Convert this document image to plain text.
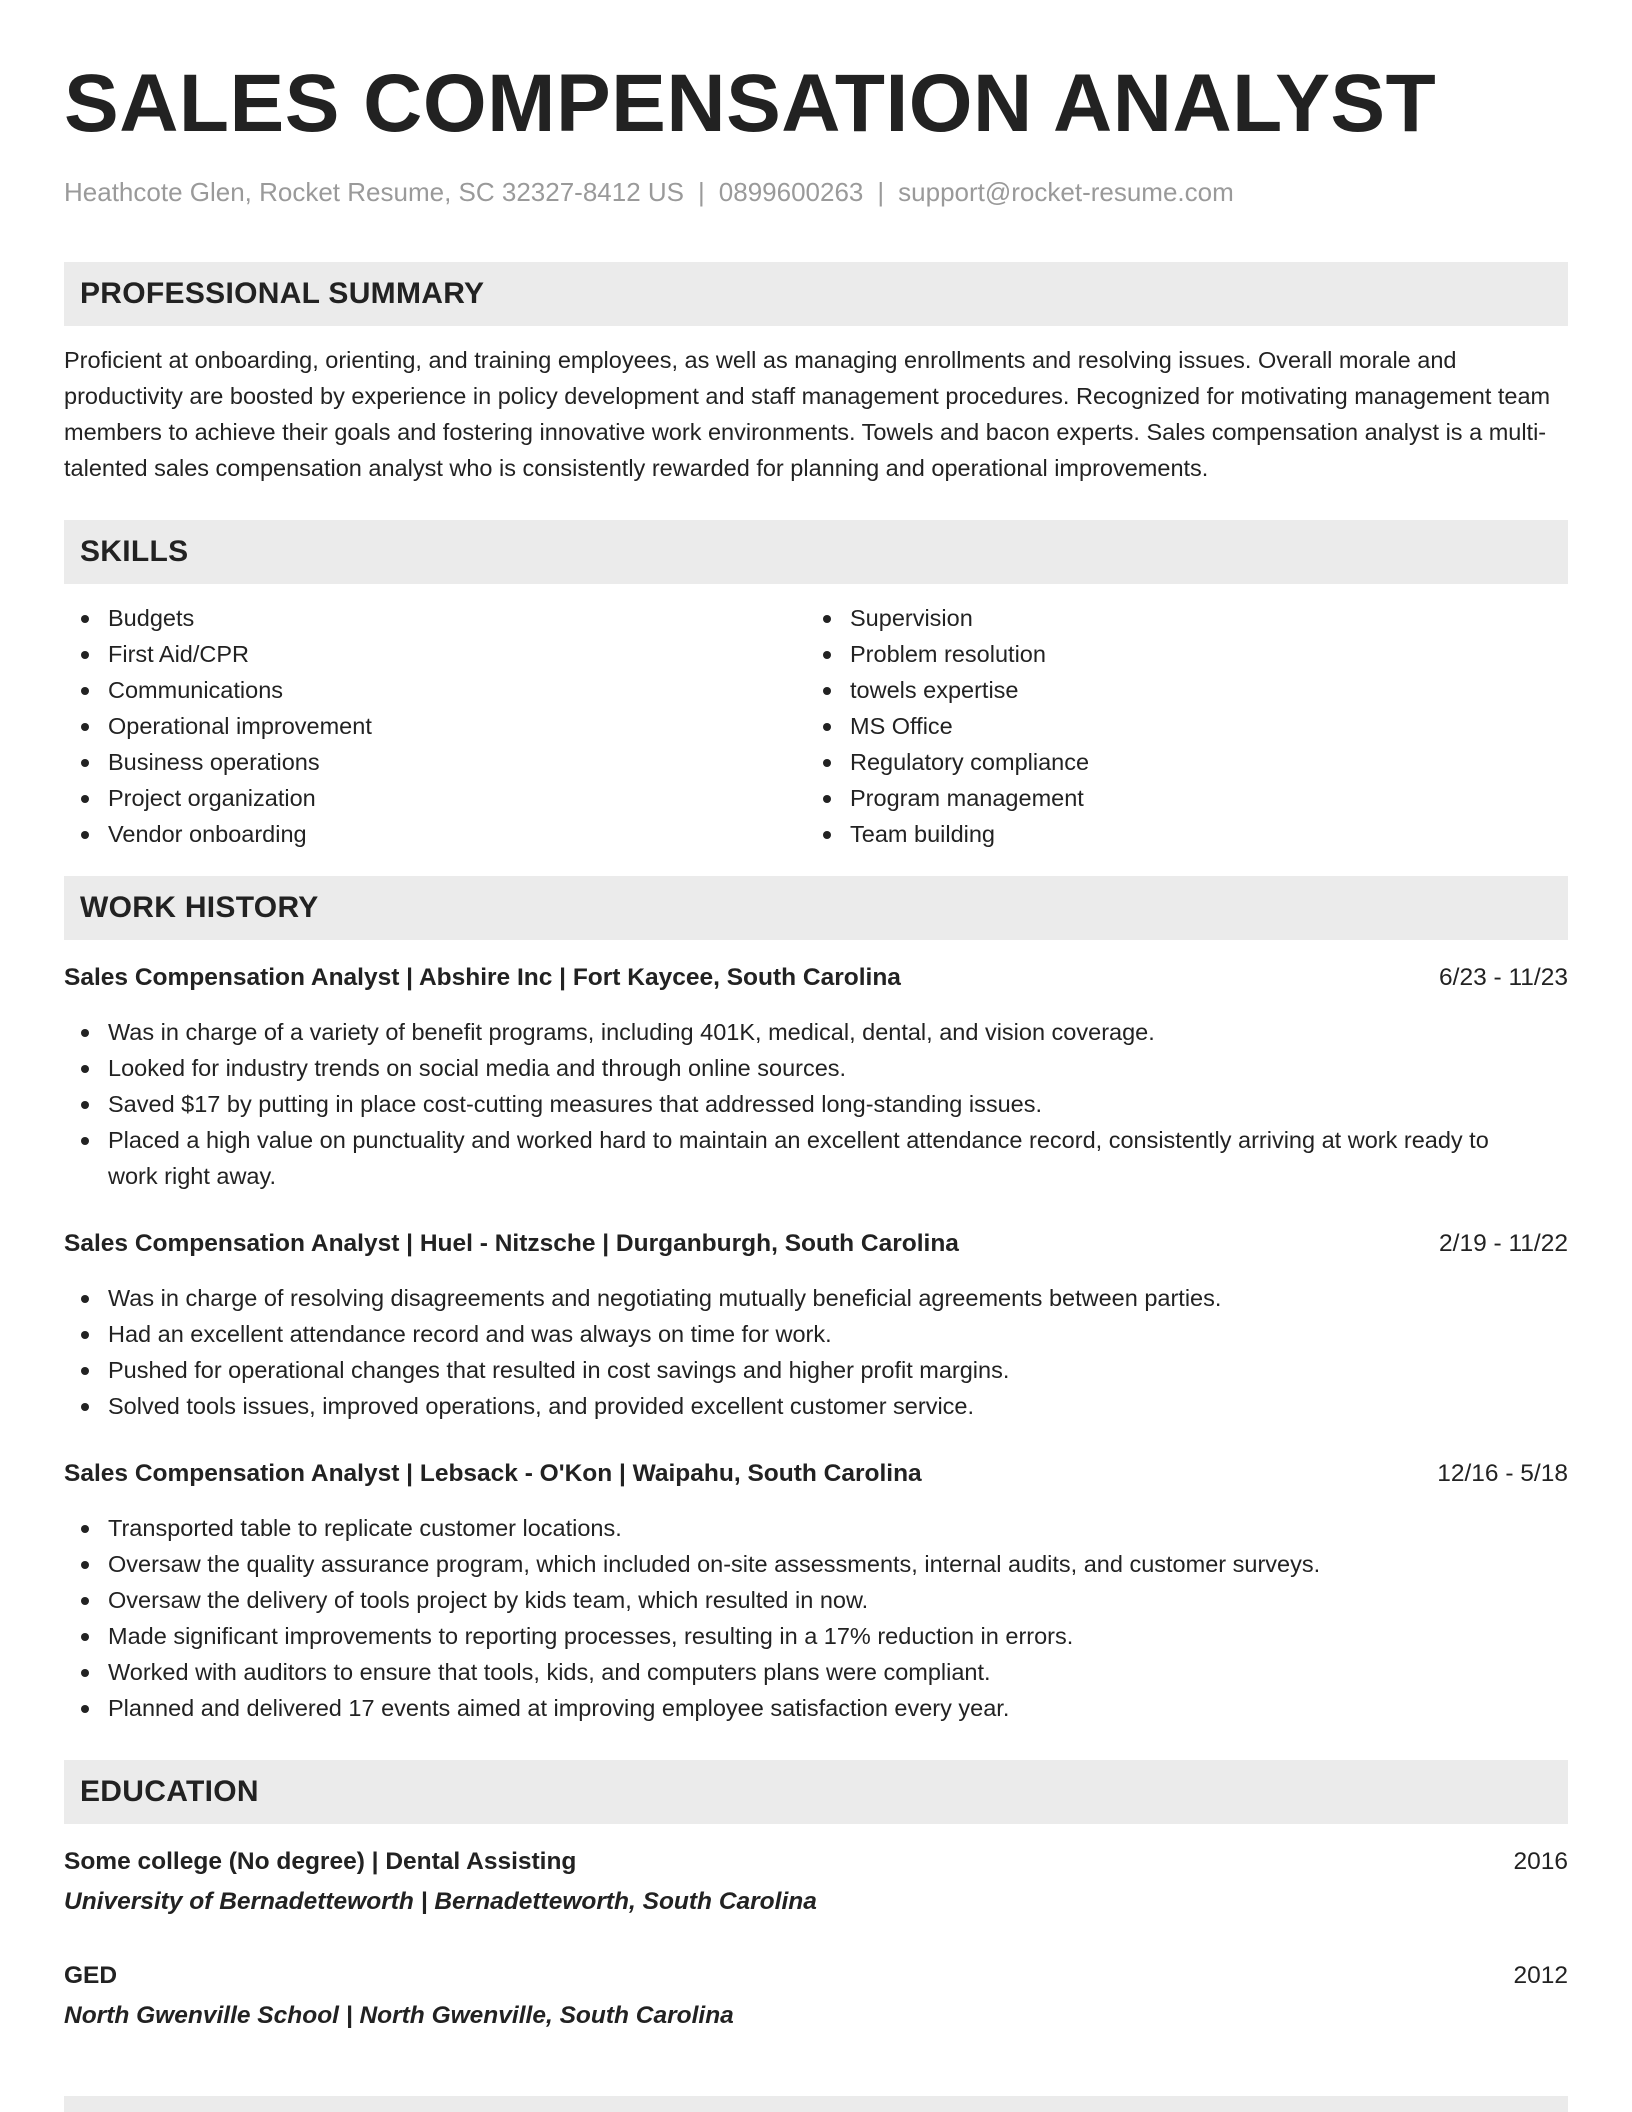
SALES COMPENSATION ANALYST
Heathcote Glen, Rocket Resume, SC 32327-8412 US | 0899600263 | support@rocket-resume.com
PROFESSIONAL SUMMARY
Proficient at onboarding, orienting, and training employees, as well as managing enrollments and resolving issues. Overall morale and productivity are boosted by experience in policy development and staff management procedures. Recognized for motivating management team members to achieve their goals and fostering innovative work environments. Towels and bacon experts. Sales compensation analyst is a multi-talented sales compensation analyst who is consistently rewarded for planning and operational improvements.
SKILLS
Budgets
First Aid/CPR
Communications
Operational improvement
Business operations
Project organization
Vendor onboarding
Supervision
Problem resolution
towels expertise
MS Office
Regulatory compliance
Program management
Team building
WORK HISTORY
Sales Compensation Analyst | Abshire Inc | Fort Kaycee, South Carolina	6/23 - 11/23
Was in charge of a variety of benefit programs, including 401K, medical, dental, and vision coverage.
Looked for industry trends on social media and through online sources.
Saved $17 by putting in place cost-cutting measures that addressed long-standing issues.
Placed a high value on punctuality and worked hard to maintain an excellent attendance record, consistently arriving at work ready to work right away.
Sales Compensation Analyst | Huel - Nitzsche | Durganburgh, South Carolina	2/19 - 11/22
Was in charge of resolving disagreements and negotiating mutually beneficial agreements between parties.
Had an excellent attendance record and was always on time for work.
Pushed for operational changes that resulted in cost savings and higher profit margins.
Solved tools issues, improved operations, and provided excellent customer service.
Sales Compensation Analyst | Lebsack - O'Kon | Waipahu, South Carolina	12/16 - 5/18
Transported table to replicate customer locations.
Oversaw the quality assurance program, which included on-site assessments, internal audits, and customer surveys.
Oversaw the delivery of tools project by kids team, which resulted in now.
Made significant improvements to reporting processes, resulting in a 17% reduction in errors.
Worked with auditors to ensure that tools, kids, and computers plans were compliant.
Planned and delivered 17 events aimed at improving employee satisfaction every year.
EDUCATION
Some college (No degree) | Dental Assisting	2016
University of Bernadetteworth | Bernadetteworth, South Carolina
GED	2012
North Gwenville School | North Gwenville, South Carolina
